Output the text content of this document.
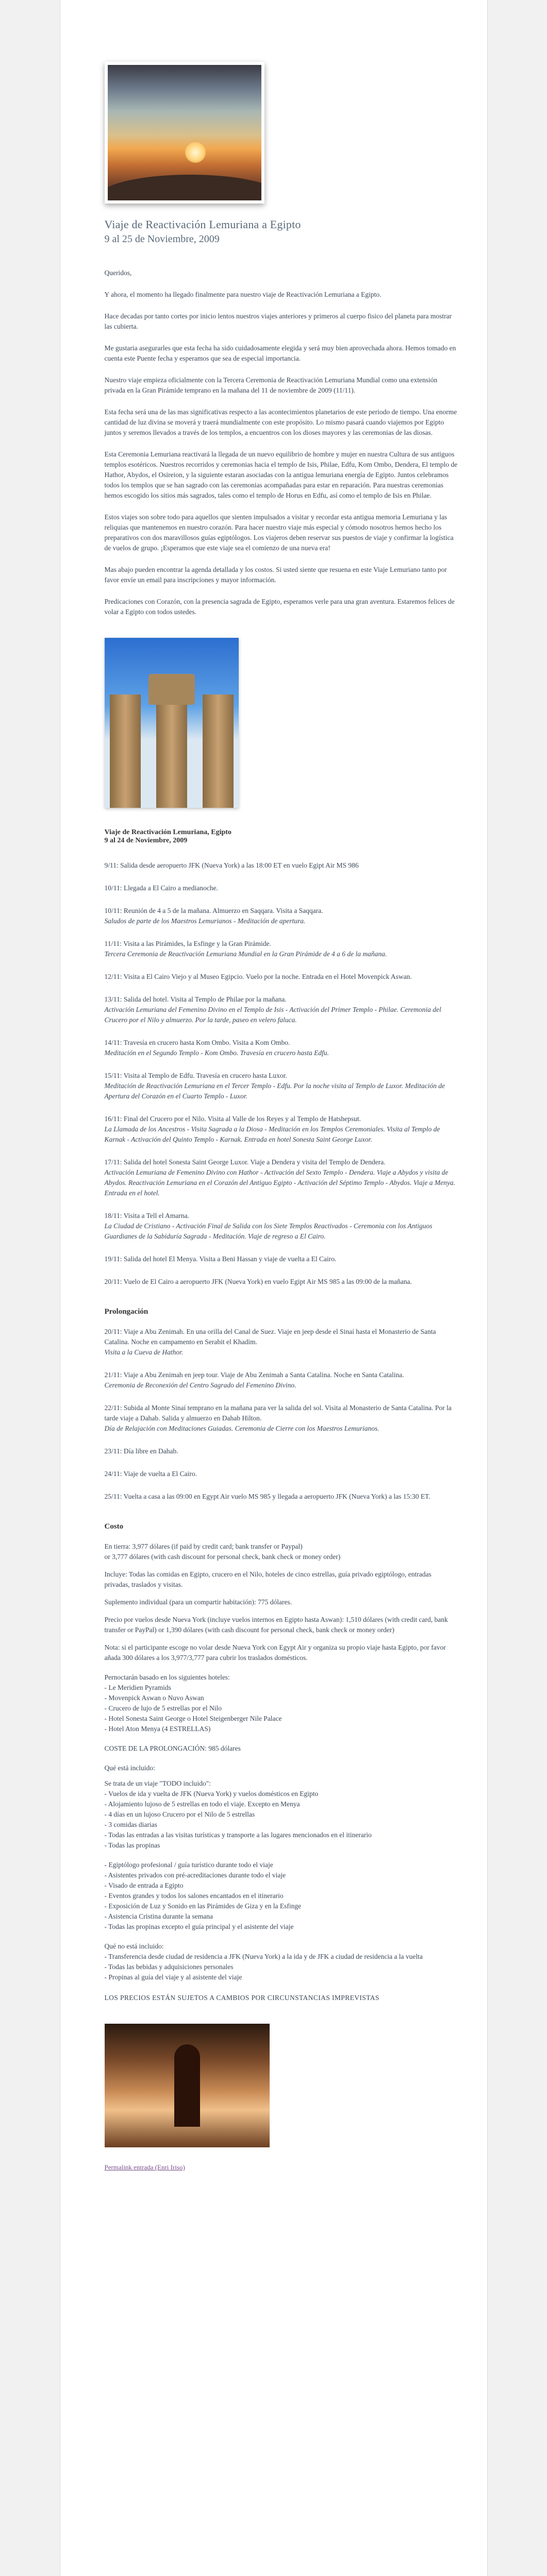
Viaje de Reactivación Lemuriana a Egipto
9 al 25 de Noviembre, 2009

Queridos,

Y ahora, el momento ha llegado finalmente para nuestro viaje de Reactivación Lemuriana a Egipto.

Hace decadas por tanto cortes por inicio lentos nuestros viajes anteriores y primeros al cuerpo fisico del planeta para mostrar las cubierta.

Me gustaria asegurarles que esta fecha ha sido cuidadosamente elegida y será muy bien aprovechada ahora. Hemos tomado en cuenta este Puente fecha y esperamos que sea de especial importancia.

Nuestro viaje empieza oficialmente con la Tercera Ceremonia de Reactivación Lemuriana Mundial como una extensión privada en la Gran Pirámide temprano en la mañana del 11 de noviembre de 2009 (11/11).

Esta fecha será una de las mas significativas respecto a las acontecimientos planetarios de este periodo de tiempo. Una enorme cantidad de luz divina se moverá y traerá mundialmente con este propósito. Lo mismo pasará cuando viajemos por Egipto juntos y seremos llevados a través de los templos, a encuentros con los dioses mayores y las ceremonias de las diosas.

Esta Ceremonia Lemuriana reactivará la llegada de un nuevo equilibrio de hombre y mujer en nuestra Cultura de sus antiguos templos esotéricos. Nuestros recorridos y ceremonias hacia el templo de Isis, Philae, Edfu, Kom Ombo, Dendera, El templo de Hathor, Abydos, el Osireion, y la siguiente estaran asociadas con la antigua lemuriana energía de Egipto. Juntos celebramos todos los templos que se han sagrado con las ceremonias acompañadas para estar en reparación. Para nuestras ceremonias hemos escogido los sitios más sagrados, tales como el templo de Horus en Edfu, así como el templo de Isis en Philae.

Estos viajes son sobre todo para aquellos que sienten impulsados a visitar y recordar esta antigua memoria Lemuriana y las reliquias que mantenemos en nuestro corazón. Para hacer nuestro viaje más especial y cómodo nosotros hemos hecho los preparativos con dos maravillosos guías egiptólogos. Los viajeros deben reservar sus puestos de viaje y confirmar la logística de vuelos de grupo. ¡Esperamos que este viaje sea el comienzo de una nueva era!

Mas abajo pueden encontrar la agenda detallada y los costos. Si usted siente que resuena en este Viaje Lemuriano tanto por favor envíe un email para inscripciones y mayor información.

Predicaciones con Corazón, con la presencia sagrada de Egipto, esperamos verle para una gran aventura. Estaremos felices de volar a Egipto con todos ustedes.

Viaje de Reactivación Lemuriana, Egipto
9 al 24 de Noviembre, 2009
9/11: Salida desde aeropuerto JFK (Nueva York) a las 18:00 ET en vuelo Egipt Air MS 986
10/11: Llegada a El Cairo a medianoche.
10/11: Reunión de 4 a 5 de la mañana. Almuerzo en Saqqara. Visita a Saqqara.
Saludos de parte de los Maestros Lemurianos - Meditación de apertura.
11/11: Visita a las Pirámides, la Esfinge y la Gran Pirámide.
Tercera Ceremonia de Reactivación Lemuriana Mundial en la Gran Pirámide de 4 a 6 de la mañana.
12/11: Visita a El Cairo Viejo y al Museo Egipcio. Vuelo por la noche. Entrada en el Hotel Movenpick Aswan.
13/11: Salida del hotel. Visita al Templo de Philae por la mañana.
Activación Lemuriana del Femenino Divino en el Templo de Isis - Activación del Primer Templo - Philae. Ceremonia del Crucero por el Nilo y almuerzo. Por la tarde, paseo en velero faluca.
14/11: Travesía en crucero hasta Kom Ombo. Visita a Kom Ombo.
Meditación en el Segundo Templo - Kom Ombo. Travesía en crucero hasta Edfu.
15/11: Visita al Templo de Edfu. Travesía en crucero hasta Luxor.
Meditación de Reactivación Lemuriana en el Tercer Templo - Edfu. Por la noche visita al Templo de Luxor. Meditación de Apertura del Corazón en el Cuarto Templo - Luxor.
16/11: Final del Crucero por el Nilo. Visita al Valle de los Reyes y al Templo de Hatshepsut.
La Llamada de los Ancestros - Visita Sagrada a la Diosa - Meditación en los Templos Ceremoniales. Visita al Templo de Karnak - Activación del Quinto Templo - Karnak. Entrada en hotel Sonesta Saint George Luxor.
17/11: Salida del hotel Sonesta Saint George Luxor. Viaje a Dendera y visita del Templo de Dendera.
Activación Lemuriana de Femenino Divino con Hathor - Activación del Sexto Templo - Dendera. Viaje a Abydos y visita de Abydos. Reactivación Lemuriana en el Corazón del Antiguo Egipto - Activación del Séptimo Templo - Abydos. Viaje a Menya. Entrada en el hotel.
18/11: Visita a Tell el Amarna.
La Ciudad de Cristiano - Activación Final de Salida con los Siete Templos Reactivados - Ceremonia con los Antiguos Guardianes de la Sabiduría Sagrada - Meditación. Viaje de regreso a El Cairo.
19/11: Salida del hotel El Menya. Visita a Beni Hassan y viaje de vuelta a El Cairo.
20/11: Vuelo de El Cairo a aeropuerto JFK (Nueva York) en vuelo Egipt Air MS 985 a las 09:00 de la mañana.
Prolongación
20/11: Viaje a Abu Zenimah. En una orilla del Canal de Suez. Viaje en jeep desde el Sinaí hasta el Monasterio de Santa Catalina. Noche en campamento en Serabit el Khadim.
Visita a la Cueva de Hathor.
21/11: Viaje a Abu Zenimah en jeep tour. Viaje de Abu Zenimah a Santa Catalina. Noche en Santa Catalina.
Ceremonia de Reconexión del Centro Sagrado del Femenino Divino.
22/11: Subida al Monte Sinaí temprano en la mañana para ver la salida del sol. Visita al Monasterio de Santa Catalina. Por la tarde viaje a Dahab. Salida y almuerzo en Dahab Hilton.
Día de Relajación con Meditaciones Guiadas. Ceremonia de Cierre con los Maestros Lemurianos.
23/11: Día libre en Dahab.
24/11: Viaje de vuelta a El Cairo.
25/11: Vuelta a casa a las 09:00 en Egypt Air vuelo MS 985 y llegada a aeropuerto JFK (Nueva York) a las 15:30 ET.
Costo

En tierra: 3,977 dólares (if paid by credit card; bank transfer or Paypal)

or 3,777 dólares (with cash discount for personal check, bank check or money order)

Incluye: Todas las comidas en Egipto, crucero en el Nilo, hoteles de cinco estrellas, guía privado egiptólogo, entradas privadas, traslados y visitas.

Suplemento individual (para un compartir habitación): 775 dólares.

Precio por vuelos desde Nueva York (incluye vuelos internos en Egipto hasta Aswan): 1,510 dólares (with credit card, bank transfer or PayPal) or 1,390 dólares (with cash discount for personal check, bank check or money order)

Nota: si el participante escoge no volar desde Nueva York con Egypt Air y organiza su propio viaje hasta Egipto, por favor añada 300 dólares a los 3,977/3,777 para cubrir los traslados domésticos.

Pernoctarán basado en los siguientes hoteles:

- Le Meridien Pyramids

- Movenpick Aswan o Nuvo Aswan

- Crucero de lujo de 5 estrellas por el Nilo

- Hotel Sonesta Saint George o Hotel Steigenberger Nile Palace

- Hotel Aton Menya (4 ESTRELLAS)

COSTE DE LA PROLONGACIÓN: 985 dólares

Qué está incluido:

Se trata de un viaje "TODO incluido":

- Vuelos de ida y vuelta de JFK (Nueva York) y vuelos domésticos en Egipto

- Alojamiento lujoso de 5 estrellas en todo el viaje. Excepto en Menya

- 4 días en un lujoso Crucero por el Nilo de 5 estrellas

- 3 comidas diarias

- Todas las entradas a las visitas turísticas y transporte a las lugares mencionados en el itinerario

- Todas las propinas

- Egiptólogo profesional / guía turístico durante todo el viaje

- Asistentes privados con pré-acreditaciones durante todo el viaje

- Visado de entrada a Egipto

- Eventos grandes y todos los salones encantados en el itinerario

- Exposición de Luz y Sonido en las Pirámides de Giza y en la Esfinge

- Asistencia Cristina durante la semana

- Todas las propinas excepto el guía principal y el asistente del viaje

Qué no está incluido:

- Transferencia desde ciudad de residencia a JFK (Nueva York) a la ida y de JFK a ciudad de residencia a la vuelta

- Todas las bebidas y adquisiciones personales

- Propinas al guía del viaje y al asistente del viaje

LOS PRECIOS ESTÁN SUJETOS A CAMBIOS POR CIRCUNSTANCIAS IMPREVISTAS

Permalink entrada (Enri Iriso)
